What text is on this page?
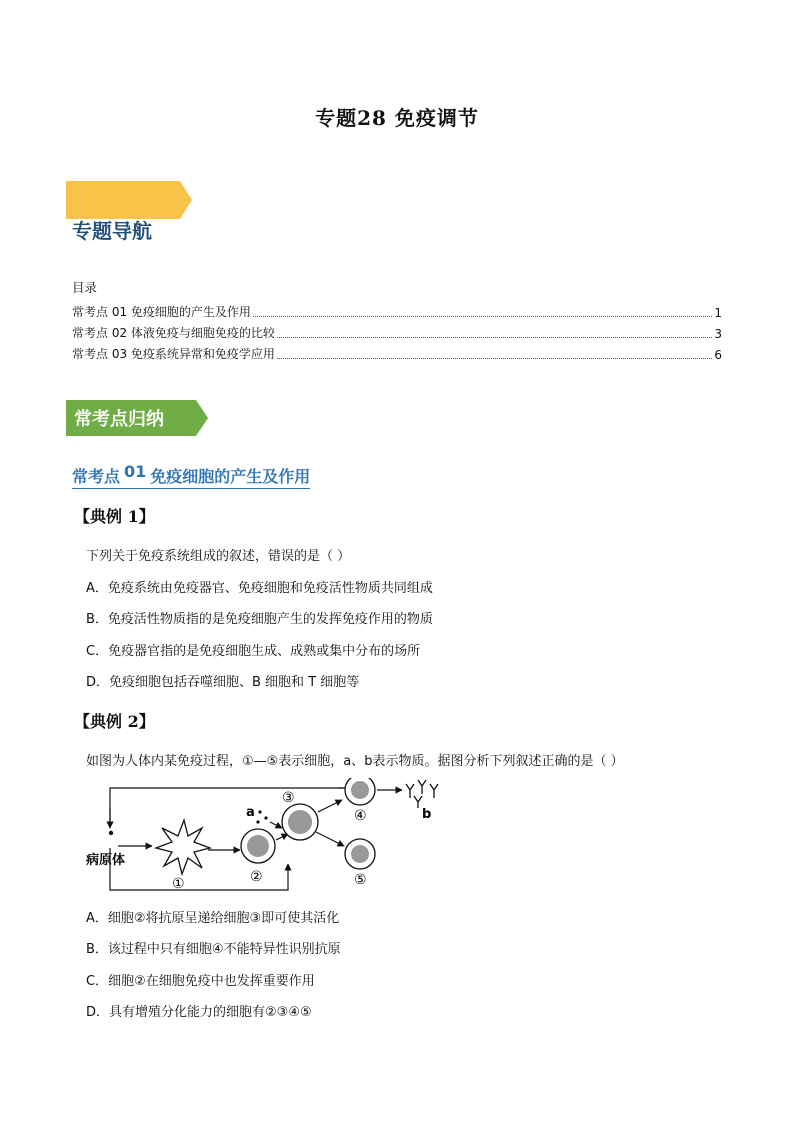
专题28 免疫调节
专题导航
目录
常考点 01 免疫细胞的产生及作用	1
常考点 02 体液免疫与细胞免疫的比较	3
常考点 03 免疫系统异常和免疫学应用	6
常考点归纳
常考点 01 免疫细胞的产生及作用
【典例 1】
下列关于免疫系统组成的叙述，错误的是（ ）
A．免疫系统由免疫器官、免疫细胞和免疫活性物质共同组成
B．免疫活性物质指的是免疫细胞产生的发挥免疫作用的物质
C．免疫器官指的是免疫细胞生成、成熟或集中分布的场所
D．免疫细胞包括吞噬细胞、B 细胞和 T 细胞等
【典例 2】
如图为人体内某免疫过程，①—⑤表示细胞，a、b表示物质。据图分析下列叙述正确的是（ ）
病原体
①	②
a
③
④	b
⑤
A．细胞②将抗原呈递给细胞③即可使其活化
B．该过程中只有细胞④不能特异性识别抗原
C．细胞②在细胞免疫中也发挥重要作用
D．具有增殖分化能力的细胞有②③④⑤
